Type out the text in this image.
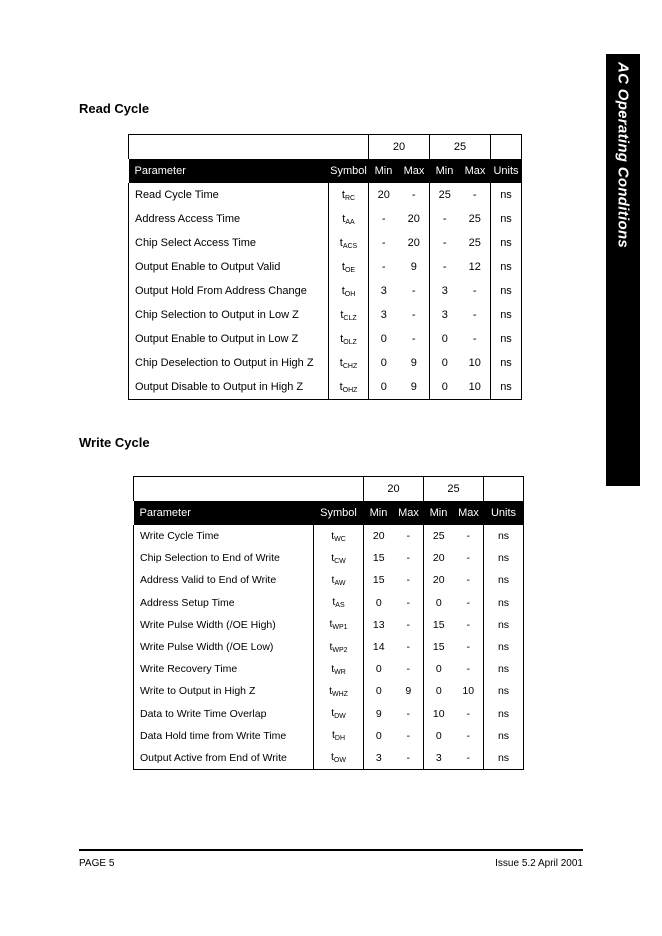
AC Operating Conditions
Read Cycle
		20		25		
Parameter	Symbol	Min	Max	Min	Max	Units
Read Cycle Time	$t_{RC}$	20	-	25	-	ns
Address Access Time	$t_{AA}$	-	20	-	25	ns
Chip Select Access Time	$t_{ACS}$	-	20	-	25	ns
Output Enable to Output Valid	$t_{OE}$	-	9	-	12	ns
Output Hold From Address Change	$t_{OH}$	3	-	3	-	ns
Chip Selection to Output in Low Z	$t_{CLZ}$	3	-	3	-	ns
Output Enable to Output in Low Z	$t_{OLZ}$	0	-	0	-	ns
Chip Deselection to Output in High Z	$t_{CHZ}$	0	9	0	10	ns
Output Disable to Output in High Z	$t_{OHZ}$	0	9	0	10	ns
Write Cycle
		20		25		
Parameter	Symbol	Min	Max	Min	Max	Units
Write Cycle Time	$t_{WC}$	20	-	25	-	ns
Chip Selection to End of Write	$t_{CW}$	15	-	20	-	ns
Address Valid to End of Write	$t_{AW}$	15	-	20	-	ns
Address Setup Time	$t_{AS}$	0	-	0	-	ns
Write Pulse Width (/OE High)	$t_{WP1}$	13	-	15	-	ns
Write Pulse Width (/OE Low)	$t_{WP2}$	14	-	15	-	ns
Write Recovery Time	$t_{WR}$	0	-	0	-	ns
Write to Output in High Z	$t_{WHZ}$	0	9	0	10	ns
Data to Write Time Overlap	$t_{DW}$	9	-	10	-	ns
Data Hold time from Write Time	$t_{DH}$	0	-	0	-	ns
Output Active from End of Write	$t_{OW}$	3	-	3	-	ns
PAGE 5	Issue 5.2 April 2001
